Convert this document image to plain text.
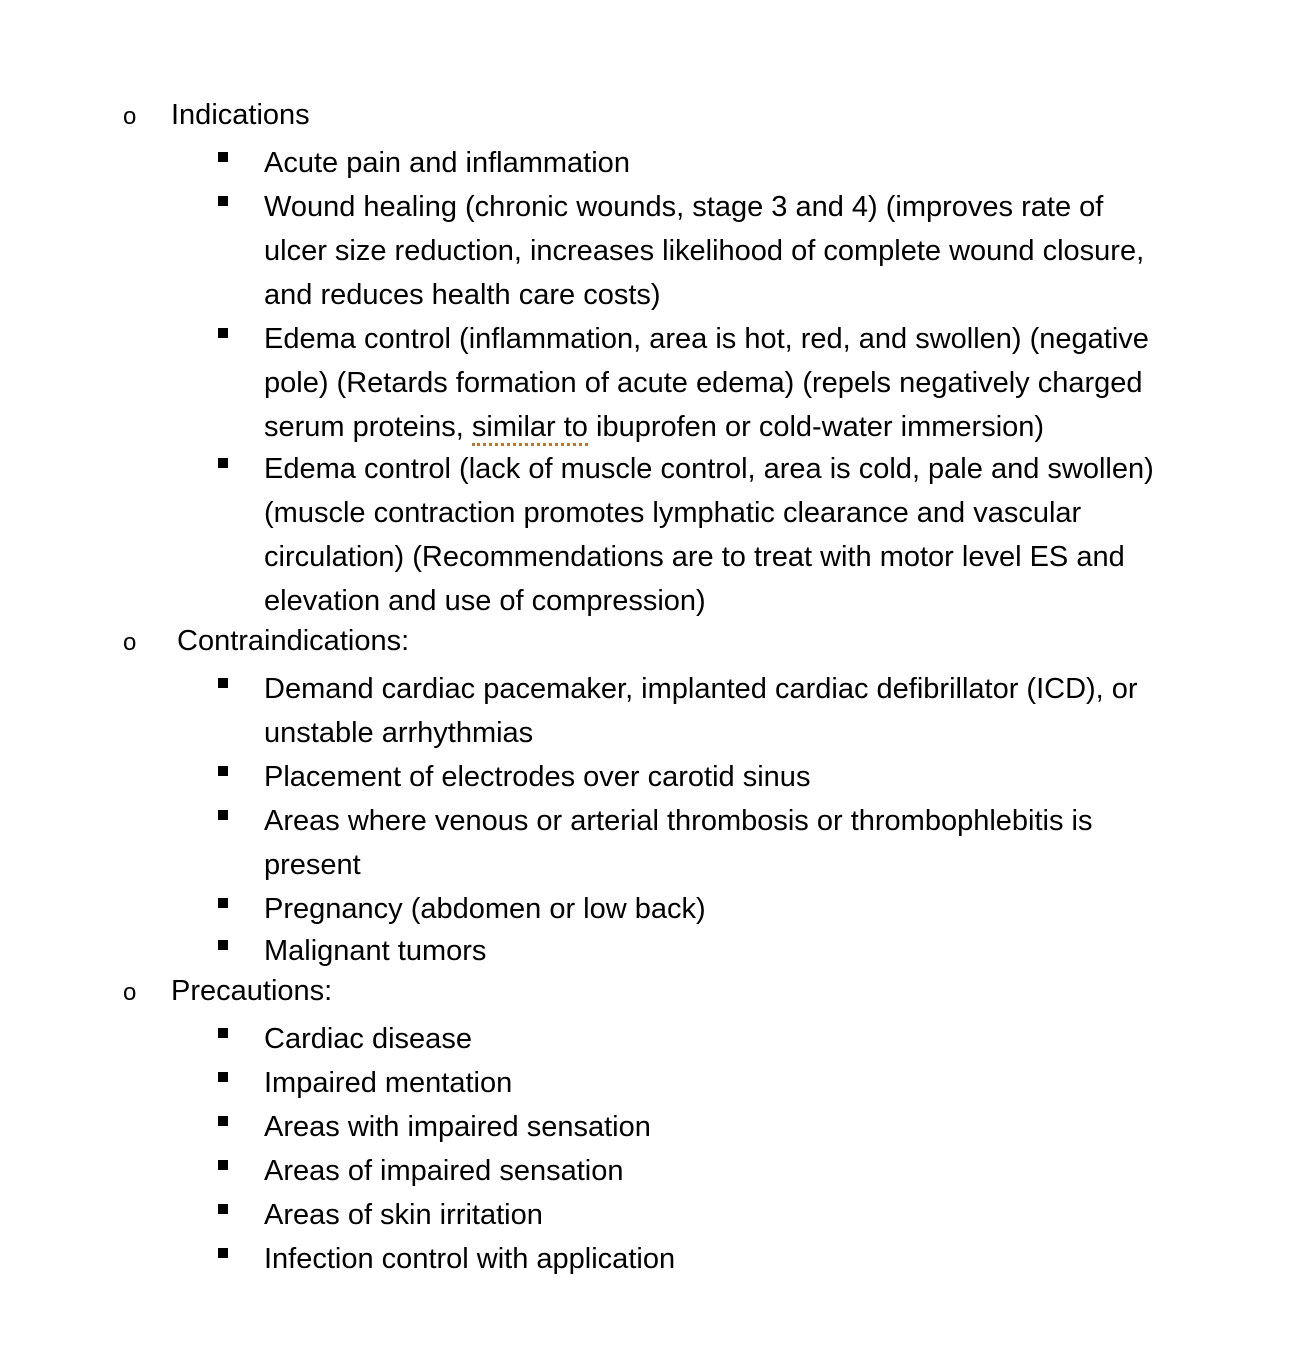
o Indications
Acute pain and inflammation
Wound healing (chronic wounds, stage 3 and 4) (improves rate of
ulcer size reduction, increases likelihood of complete wound closure,
and reduces health care costs)
Edema control (inflammation, area is hot, red, and swollen) (negative
pole) (Retards formation of acute edema) (repels negatively charged
serum proteins, similar to ibuprofen or cold-water immersion)
Edema control (lack of muscle control, area is cold, pale and swollen)
(muscle contraction promotes lymphatic clearance and vascular
circulation) (Recommendations are to treat with motor level ES and
elevation and use of compression)
o Contraindications:
Demand cardiac pacemaker, implanted cardiac defibrillator (ICD), or
unstable arrhythmias
Placement of electrodes over carotid sinus
Areas where venous or arterial thrombosis or thrombophlebitis is
present
Pregnancy (abdomen or low back)
Malignant tumors
o Precautions:
Cardiac disease
Impaired mentation
Areas with impaired sensation
Areas of impaired sensation
Areas of skin irritation
Infection control with application
